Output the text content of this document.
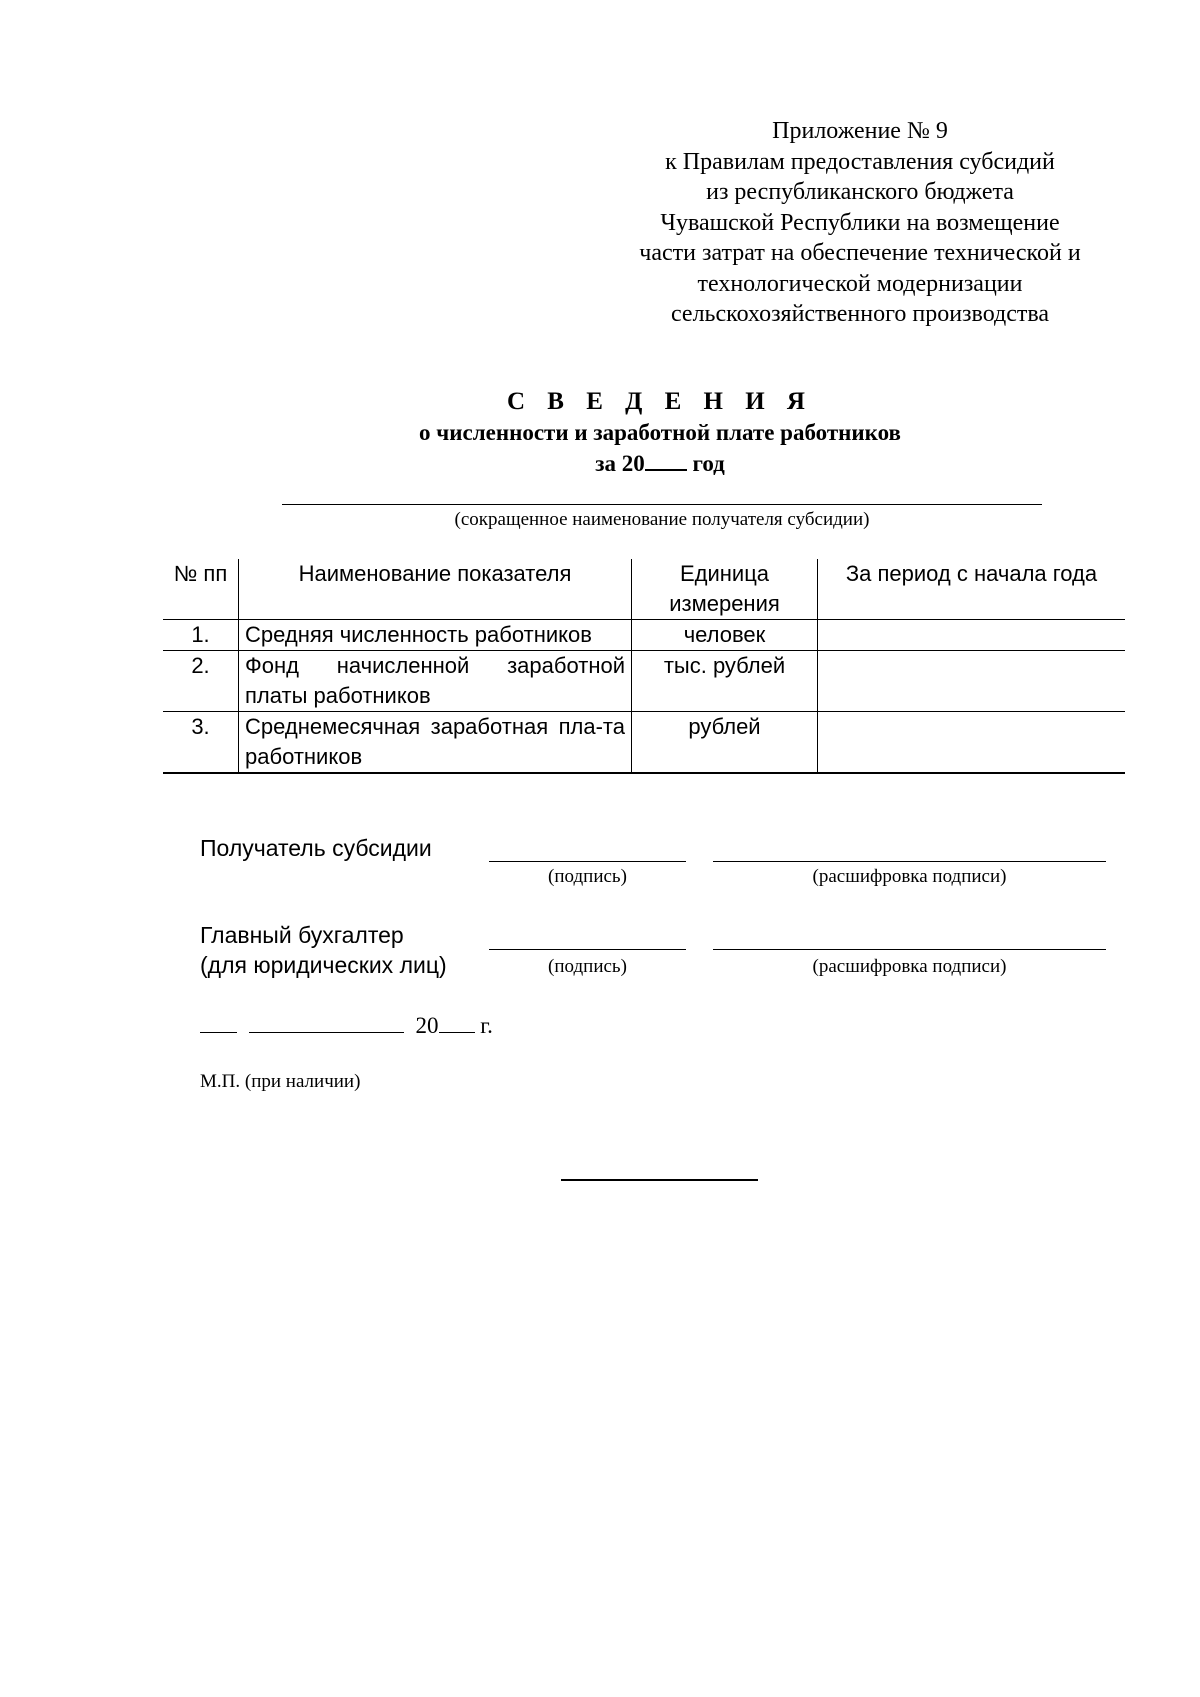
Приложение № 9
к Правилам предоставления субсидий
из республиканского бюджета
Чувашской Республики на возмещение
части затрат на обеспечение технической и
технологической модернизации
сельскохозяйственного производства
С В Е Д Е Н И Я
о численности и заработной плате работников
за 20 год
(сокращенное наименование получателя субсидии)
№ пп	Наименование показателя	Единица измерения	За период с начала года
1.	Средняя численность работников	человек	
2.	Фонд начисленной заработной платы работников	тыс. рублей	
3.	Среднемесячная заработная пла-та работников	рублей	
Получатель субсидии
(подпись)	(расшифровка подписи)
Главный бухгалтер
(для юридических лиц)	(подпись)	(расшифровка подписи)
20 г.
М.П. (при наличии)
